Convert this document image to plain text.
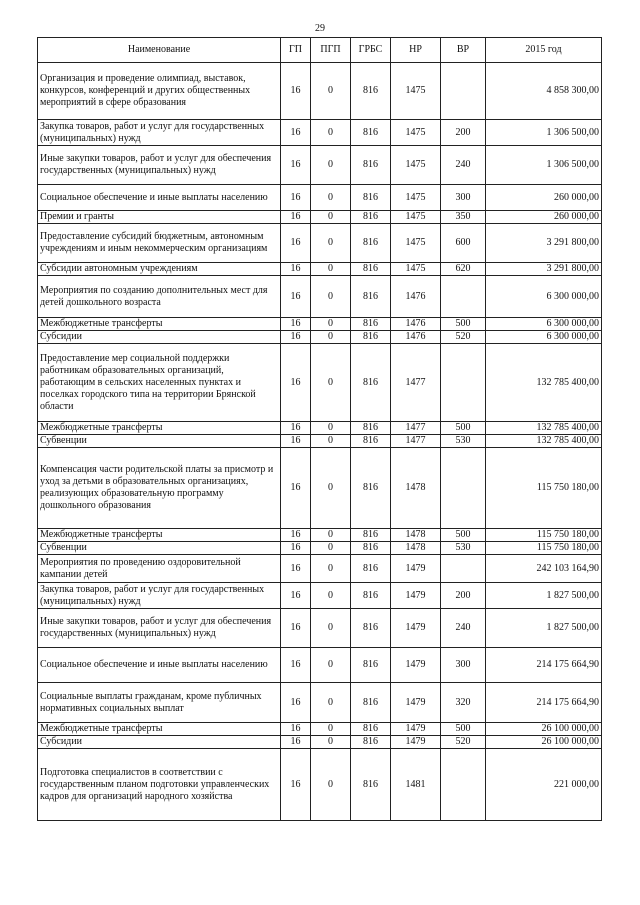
29
Наименование	ГП	ПГП	ГРБС	НР	ВР	2015 год
Организация и проведение олимпиад, выставок, конкурсов, конференций и других общественных мероприятий в сфере образования	16	0	816	1475		4 858 300,00
Закупка товаров, работ и услуг для государственных (муниципальных) нужд	16	0	816	1475	200	1 306 500,00
Иные закупки товаров, работ и услуг для обеспечения государственных (муниципальных) нужд	16	0	816	1475	240	1 306 500,00
Социальное обеспечение и иные выплаты населению	16	0	816	1475	300	260 000,00
Премии и гранты	16	0	816	1475	350	260 000,00
Предоставление субсидий бюджетным, автономным учреждениям и иным некоммерческим организациям	16	0	816	1475	600	3 291 800,00
Субсидии автономным учреждениям	16	0	816	1475	620	3 291 800,00
Мероприятия по созданию дополнительных мест для детей дошкольного возраста	16	0	816	1476		6 300 000,00
Межбюджетные трансферты	16	0	816	1476	500	6 300 000,00
Субсидии	16	0	816	1476	520	6 300 000,00
Предоставление мер социальной поддержки работникам образовательных организаций, работающим в сельских населенных пунктах и поселках городского типа на территории Брянской области	16	0	816	1477		132 785 400,00
Межбюджетные трансферты	16	0	816	1477	500	132 785 400,00
Субвенции	16	0	816	1477	530	132 785 400,00
Компенсация части родительской платы за присмотр и уход за детьми в образовательных организациях, реализующих образовательную программу дошкольного образования	16	0	816	1478		115 750 180,00
Межбюджетные трансферты	16	0	816	1478	500	115 750 180,00
Субвенции	16	0	816	1478	530	115 750 180,00
Мероприятия по проведению оздоровительной кампании детей	16	0	816	1479		242 103 164,90
Закупка товаров, работ и услуг для государственных (муниципальных) нужд	16	0	816	1479	200	1 827 500,00
Иные закупки товаров, работ и услуг для обеспечения государственных (муниципальных) нужд	16	0	816	1479	240	1 827 500,00
Социальное обеспечение и иные выплаты населению	16	0	816	1479	300	214 175 664,90
Социальные выплаты гражданам, кроме публичных нормативных социальных выплат	16	0	816	1479	320	214 175 664,90
Межбюджетные трансферты	16	0	816	1479	500	26 100 000,00
Субсидии	16	0	816	1479	520	26 100 000,00
Подготовка специалистов в соответствии с государственным планом подготовки управленческих кадров для организаций народного хозяйства	16	0	816	1481		221 000,00
